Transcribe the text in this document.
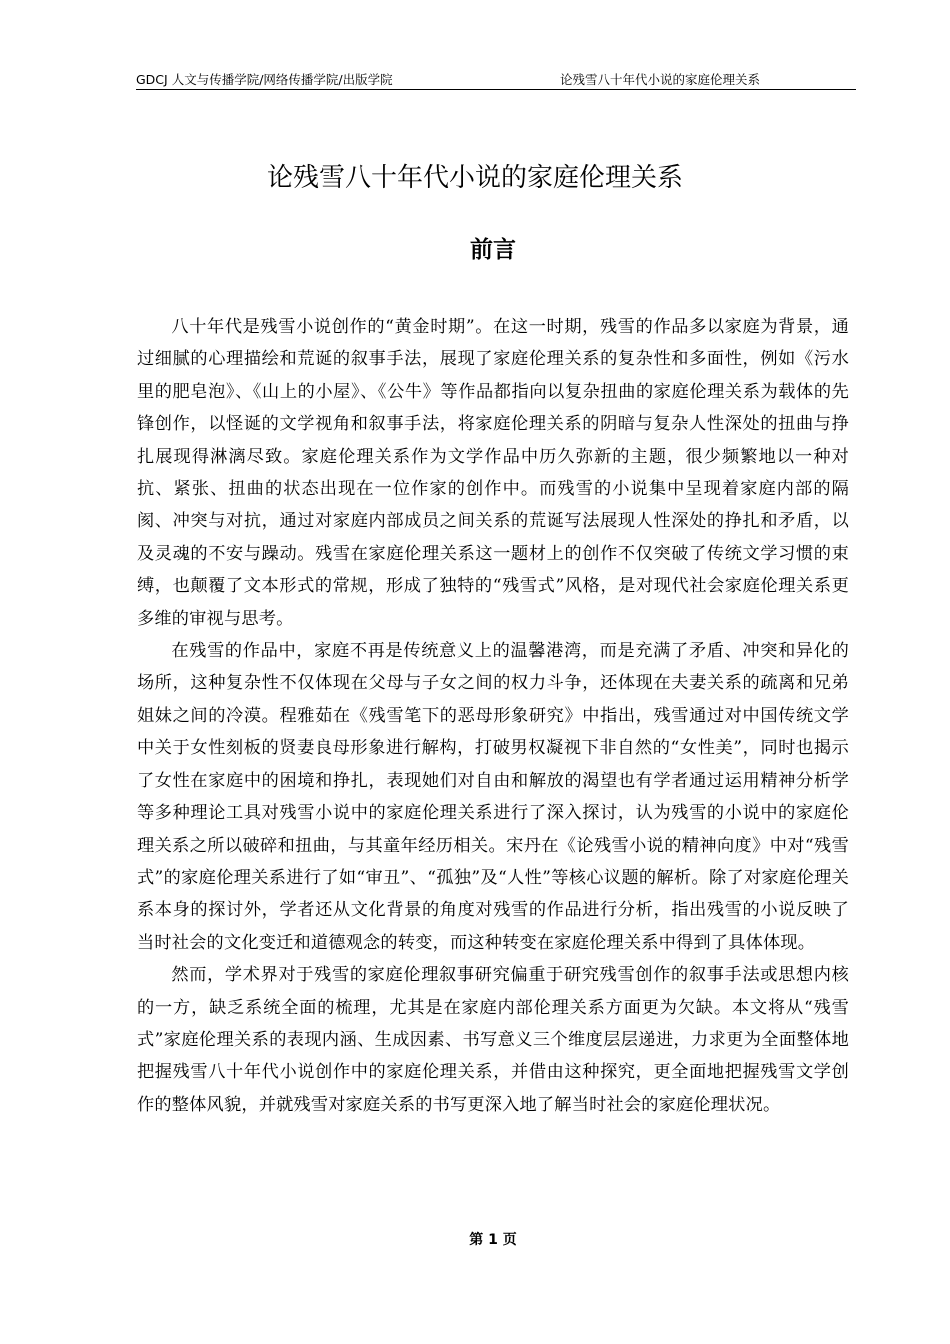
GDCJ 人文与传播学院/网络传播学院/出版学院	论残雪八十年代小说的家庭伦理关系
论残雪八十年代小说的家庭伦理关系
前言

八十年代是残雪小说创作的“黄金时期”。在这一时期，残雪的作品多以家庭为背景，通过细腻的心理描绘和荒诞的叙事手法，展现了家庭伦理关系的复杂性和多面性，例如《污水里的肥皂泡》、《山上的小屋》、《公牛》等作品都指向以复杂扭曲的家庭伦理关系为载体的先锋创作，以怪诞的文学视角和叙事手法，将家庭伦理关系的阴暗与复杂人性深处的扭曲与挣扎展现得淋漓尽致。家庭伦理关系作为文学作品中历久弥新的主题，很少频繁地以一种对抗、紧张、扭曲的状态出现在一位作家的创作中。而残雪的小说集中呈现着家庭内部的隔阂、冲突与对抗，通过对家庭内部成员之间关系的荒诞写法展现人性深处的挣扎和矛盾，以及灵魂的不安与躁动。残雪在家庭伦理关系这一题材上的创作不仅突破了传统文学习惯的束缚，也颠覆了文本形式的常规，形成了独特的“残雪式”风格，是对现代社会家庭伦理关系更多维的审视与思考。

在残雪的作品中，家庭不再是传统意义上的温馨港湾，而是充满了矛盾、冲突和异化的场所，这种复杂性不仅体现在父母与子女之间的权力斗争，还体现在夫妻关系的疏离和兄弟姐妹之间的冷漠。程雅茹在《残雪笔下的恶母形象研究》中指出，残雪通过对中国传统文学中关于女性刻板的贤妻良母形象进行解构，打破男权凝视下非自然的“女性美”，同时也揭示了女性在家庭中的困境和挣扎，表现她们对自由和解放的渴望也有学者通过运用精神分析学等多种理论工具对残雪小说中的家庭伦理关系进行了深入探讨，认为残雪的小说中的家庭伦理关系之所以破碎和扭曲，与其童年经历相关。宋丹在《论残雪小说的精神向度》中对“残雪式”的家庭伦理关系进行了如“审丑”、“孤独”及“人性”等核心议题的解析。除了对家庭伦理关系本身的探讨外，学者还从文化背景的角度对残雪的作品进行分析，指出残雪的小说反映了当时社会的文化变迁和道德观念的转变，而这种转变在家庭伦理关系中得到了具体体现。

然而，学术界对于残雪的家庭伦理叙事研究偏重于研究残雪创作的叙事手法或思想内核的一方，缺乏系统全面的梳理，尤其是在家庭内部伦理关系方面更为欠缺。本文将从“残雪式”家庭伦理关系的表现内涵、生成因素、书写意义三个维度层层递进，力求更为全面整体地把握残雪八十年代小说创作中的家庭伦理关系，并借由这种探究，更全面地把握残雪文学创作的整体风貌，并就残雪对家庭关系的书写更深入地了解当时社会的家庭伦理状况。

第 1 页
